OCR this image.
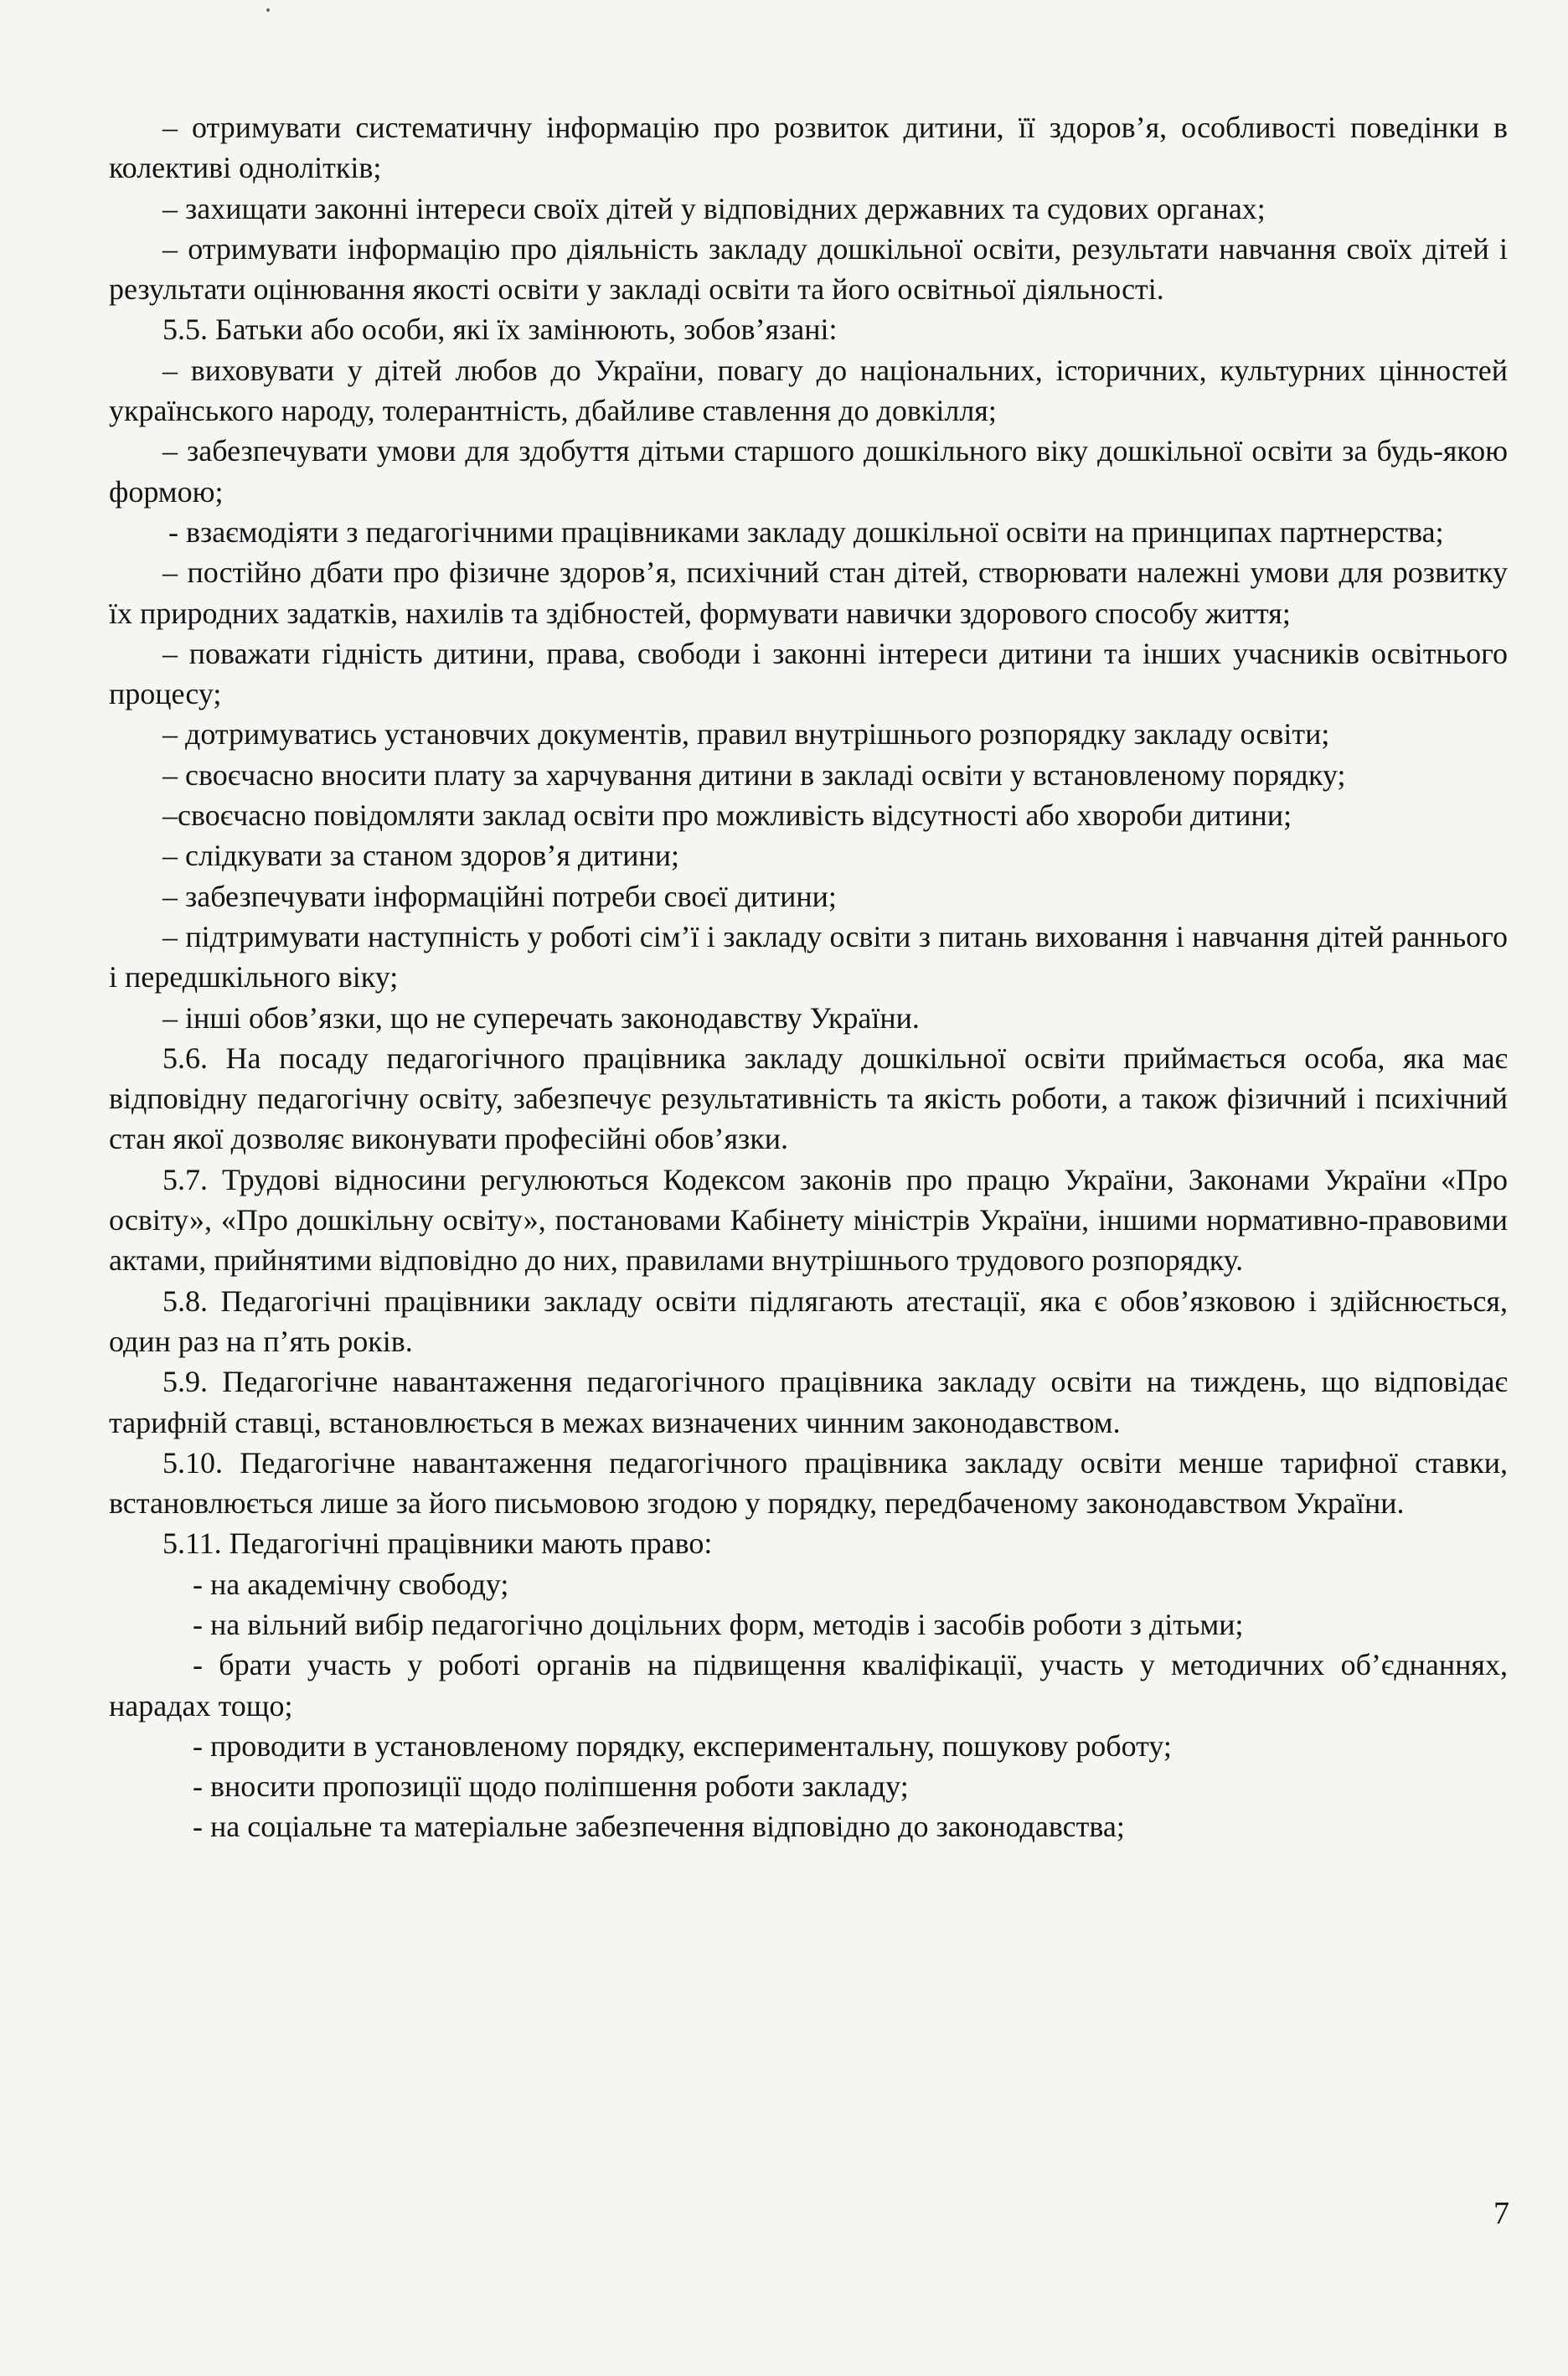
– отримувати систематичну інформацію про розвиток дитини, її здоров’я, особливості поведінки в колективі однолітків;

– захищати законні інтереси своїх дітей у відповідних державних та судових органах;

– отримувати інформацію про діяльність закладу дошкільної освіти, результати навчання своїх дітей і результати оцінювання якості освіти у закладі освіти та його освітньої діяльності.

5.5. Батьки або особи, які їх замінюють, зобов’язані:

– виховувати у дітей любов до України, повагу до національних, історичних, культурних цінностей українського народу, толерантність, дбайливе ставлення до довкілля;

– забезпечувати умови для здобуття дітьми старшого дошкільного віку дошкільної освіти за будь-якою формою;

- взаємодіяти з педагогічними працівниками закладу дошкільної освіти на принципах партнерства;

– постійно дбати про фізичне здоров’я, психічний стан дітей, створювати належні умови для розвитку їх природних задатків, нахилів та здібностей, формувати навички здорового способу життя;

– поважати гідність дитини, права, свободи і законні інтереси дитини та інших учасників освітнього процесу;

– дотримуватись установчих документів, правил внутрішнього розпорядку закладу освіти;

– своєчасно вносити плату за харчування дитини в закладі освіти у встановленому порядку;

–своєчасно повідомляти заклад освіти про можливість відсутності або хвороби дитини;

– слідкувати за станом здоров’я дитини;

– забезпечувати інформаційні потреби своєї дитини;

– підтримувати наступність у роботі сім’ї і закладу освіти з питань виховання і навчання дітей раннього і передшкільного віку;

– інші обов’язки, що не суперечать законодавству України.

5.6. На посаду педагогічного працівника закладу дошкільної освіти приймається особа, яка має відповідну педагогічну освіту, забезпечує результативність та якість роботи, а також фізичний і психічний стан якої дозволяє виконувати професійні обов’язки.

5.7. Трудові відносини регулюються Кодексом законів про працю України, Законами України «Про освіту», «Про дошкільну освіту», постановами Кабінету міністрів України, іншими нормативно-правовими актами, прийнятими відповідно до них, правилами внутрішнього трудового розпорядку.

5.8. Педагогічні працівники закладу освіти підлягають атестації, яка є обов’язковою і здійснюється, один раз на п’ять років.

5.9. Педагогічне навантаження педагогічного працівника закладу освіти на тиждень, що відповідає тарифній ставці, встановлюється в межах визначених чинним законодавством.

5.10. Педагогічне навантаження педагогічного працівника закладу освіти менше тарифної ставки, встановлюється лише за його письмовою згодою у порядку, передбаченому законодавством України.

5.11. Педагогічні працівники мають право:

- на академічну свободу;

- на вільний вибір педагогічно доцільних форм, методів і засобів роботи з дітьми;

- брати участь у роботі органів на підвищення кваліфікації, участь у методичних об’єднаннях, нарадах тощо;

- проводити в установленому порядку, експериментальну, пошукову роботу;

- вносити пропозиції щодо поліпшення роботи закладу;

- на соціальне та матеріальне забезпечення відповідно до законодавства;

7
